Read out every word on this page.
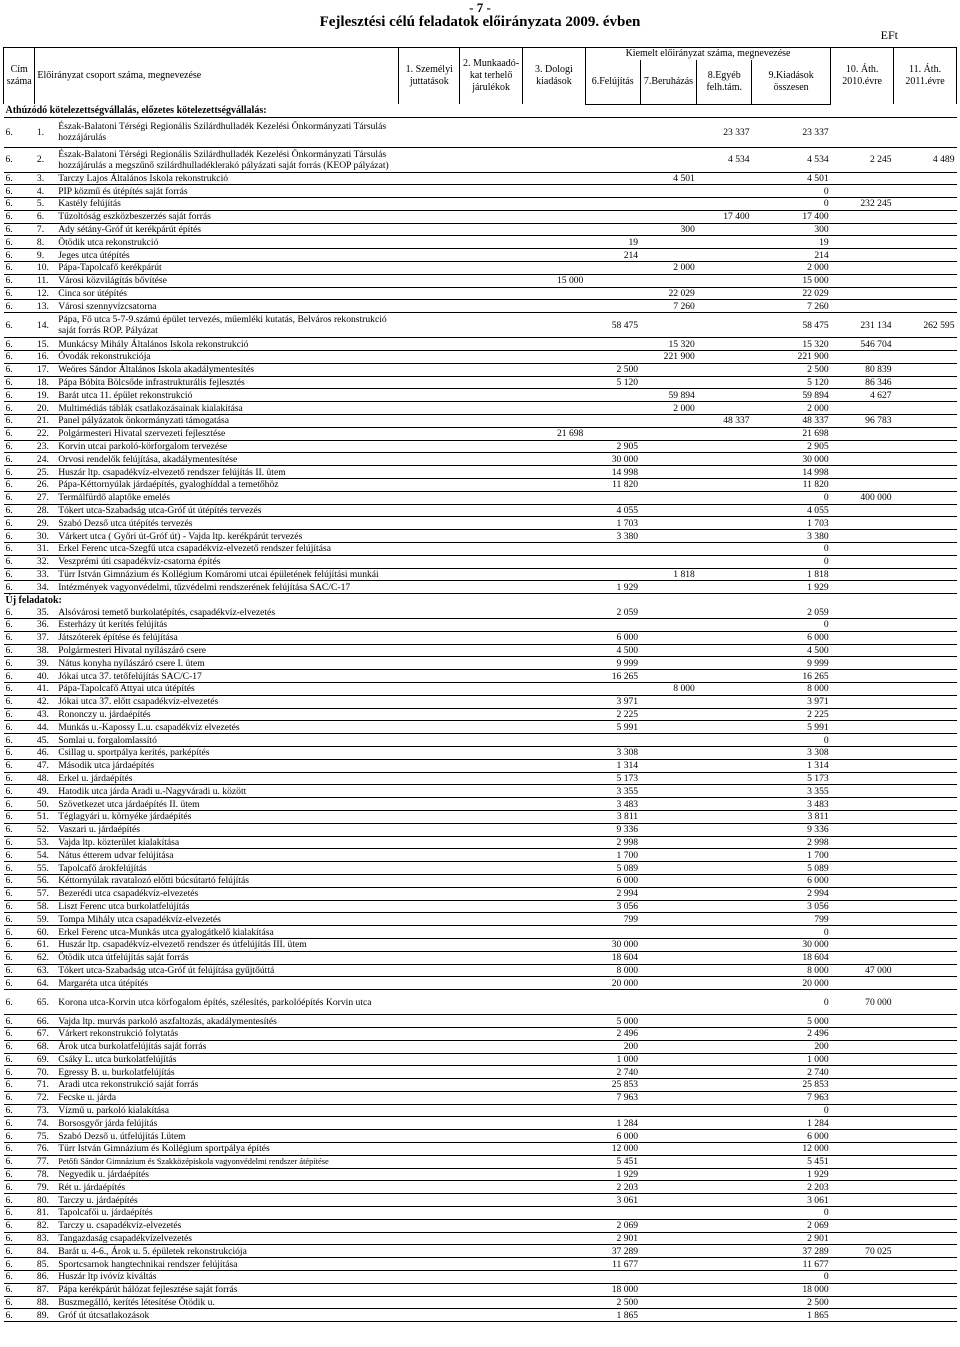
- 7 -
Fejlesztési célú feladatok előirányzata 2009. évben
EFt
Cím száma	Előirányzat csoport száma, megnevezése		1. Személyi juttatások	2. Munkaadó-kat terhelő járulékok	3. Dologi kiadások	Kiemelt előirányzat száma, megnevezése				10. Áth. 2010.évre	11. Áth. 2011.évre
						6.Felújítás	7.Beruházás	8.Egyéb felh.tám.	9.Kiadások összesen		
Áthúzódó kötelezettségvállalás, előzetes kötelezettségvállalás:											
6.	1.	Észak-Balatoni Térségi Regionális Szilárdhulladék Kezelési Önkormányzati Társulás hozzájárulás						23 337	23 337		
6.	2.	Észak-Balatoni Térségi Regionális Szilárdhulladék Kezelési Önkormányzati Társulás hozzájárulás a megszűnő szilárdhulladéklerakó pályázati saját forrás (KEOP pályázat)						4 534	4 534	2 245	4 489
6.	3.	Tarczy Lajos Általános Iskola rekonstrukció					4 501		4 501		
6.	4.	PIP közmű és útépítés saját forrás							0		
6.	5.	Kastély felújítás							0	232 245	
6.	6.	Tűzoltóság eszközbeszerzés saját forrás						17 400	17 400		
6.	7.	Ady sétány-Gróf út kerékpárút építés					300		300		
6.	8.	Ötödik utca rekonstrukció				19			19		
6.	9.	Jeges utca útépítés				214			214		
6.	10.	Pápa-Tapolcafő kerékpárút					2 000		2 000		
6.	11.	Városi közvilágítás bővítése			15 000				15 000		
6.	12.	Cinca sor útépítés					22 029		22 029		
6.	13.	Városi szennyvízcsatorna					7 260		7 260		
6.	14.	Pápa, Fő utca 5-7-9.számú épület tervezés, műemléki kutatás, Belváros rekonstrukció saját forrás ROP. Pályázat				58 475			58 475	231 134	262 595
6.	15.	Munkácsy Mihály Általános Iskola rekonstrukció					15 320		15 320	546 704	
6.	16.	Óvodák rekonstrukciója					221 900		221 900		
6.	17.	Weöres Sándor Általános Iskola akadálymentesítés				2 500			2 500	80 839	
6.	18.	Pápa Bóbita Bölcsőde infrastrukturális fejlesztés				5 120			5 120	86 346	
6.	19.	Barát utca 11. épület rekonstrukció					59 894		59 894	4 627	
6.	20.	Multimédiás táblák csatlakozásainak kialakítása					2 000		2 000		
6.	21.	Panel pályázatok önkormányzati támogatása						48 337	48 337	96 783	
6.	22.	Polgármesteri Hivatal szervezeti fejlesztése			21 698				21 698		
6.	23.	Korvin utcai parkoló-körforgalom tervezése				2 905			2 905		
6.	24.	Orvosi rendelők felújítása, akadálymentesítése				30 000			30 000		
6.	25.	Huszár ltp. csapadékvíz-elvezető rendszer felújítás II. ütem				14 998			14 998		
6.	26.	Pápa-Kéttornyúlak járdaépítés, gyaloghíddal a temetőhöz				11 820			11 820		
6.	27.	Termálfürdő alaptőke emelés							0	400 000	
6.	28.	Tókert utca-Szabadság utca-Gróf út útépítés tervezés				4 055			4 055		
6.	29.	Szabó Dezső utca útépítés tervezés				1 703			1 703		
6.	30.	Várkert utca ( Győri út-Gróf út) - Vajda ltp. kerékpárút tervezés				3 380			3 380		
6.	31.	Erkel Ferenc utca-Szegfű utca csapadékvíz-elvezető rendszer felújítása							0		
6.	32.	Veszprémi úti csapadékvíz-csatorna építés							0		
6.	33.	Türr István Gimnázium és Kollégium Komáromi utcai épületének felújítási munkái					1 818		1 818		
6.	34.	Intézmények vagyonvédelmi, tűzvédelmi rendszerének felújítása SAC/C-17				1 929			1 929		
Új feladatok:											
6.	35.	Alsóvárosi temető burkolatépítés, csapadékvíz-elvezetés				2 059			2 059		
6.	36.	Esterházy út kerítés felújítás							0		
6.	37.	Játszóterek építése és felújítása				6 000			6 000		
6.	38.	Polgármesteri Hivatal nyílászáró csere				4 500			4 500		
6.	39.	Nátus konyha nyílászáró csere I. ütem				9 999			9 999		
6.	40.	Jókai utca 37. tetőfelújítás SAC/C-17				16 265			16 265		
6.	41.	Pápa-Tapolcafő Attyai utca útépítés					8 000		8 000		
6.	42.	Jókai utca 37. előtt csapadékvíz-elvezetés				3 971			3 971		
6.	43.	Rononczy u. járdaépítés				2 225			2 225		
6.	44.	Munkás u.-Kapossy L.u. csapadékvíz elvezetés				5 991			5 991		
6.	45.	Somlai u. forgalomlassító							0		
6.	46.	Csillag u. sportpálya kerítés, parképítés				3 308			3 308		
6.	47.	Második utca járdaépítés				1 314			1 314		
6.	48.	Erkel u. járdaépítés				5 173			5 173		
6.	49.	Hatodik utca járda Aradi u.-Nagyváradi u. között				3 355			3 355		
6.	50.	Szövetkezet utca járdaépítés II. ütem				3 483			3 483		
6.	51.	Téglagyári u. környéke járdaépítés				3 811			3 811		
6.	52.	Vaszari u. járdaépítés				9 336			9 336		
6.	53.	Vajda ltp. közterület kialakítása				2 998			2 998		
6.	54.	Nátus étterem udvar felújítása				1 700			1 700		
6.	55.	Tapolcafő árokfelújítás				5 089			5 089		
6.	56.	Kéttornyúlak ravatalozó előtti búcsútartó felújítás				6 000			6 000		
6.	57.	Bezerédi utca csapadékvíz-elvezetés				2 994			2 994		
6.	58.	Liszt Ferenc utca burkolatfelújítás				3 056			3 056		
6.	59.	Tompa Mihály utca csapadékvíz-elvezetés				799			799		
6.	60.	Erkel Ferenc utca-Munkás utca gyalogátkelő kialakítása							0		
6.	61.	Huszár ltp. csapadékvíz-elvezető rendszer és útfelújítás III. ütem				30 000			30 000		
6.	62.	Ötödik utca útfelújítás saját forrás				18 604			18 604		
6.	63.	Tókert utca-Szabadság utca-Gróf út felújítása gyűjtőúttá				8 000			8 000	47 000	
6.	64.	Margaréta utca útépítés				20 000			20 000		
6.	65.	Korona utca-Korvin utca körfogalom építés, szélesítés, parkolóépítés Korvin utca							0	70 000	
6.	66.	Vajda ltp. murvás parkoló aszfaltozás, akadálymentesítés				5 000			5 000		
6.	67.	Várkert rekonstrukció folytatás				2 496			2 496		
6.	68.	Árok utca burkolatfelújítás saját forrás				200			200		
6.	69.	Csáky L. utca burkolatfelújítás				1 000			1 000		
6.	70.	Egressy B. u. burkolatfelújítás				2 740			2 740		
6.	71.	Aradi utca rekonstrukció saját forrás				25 853			25 853		
6.	72.	Fecske u. járda				7 963			7 963		
6.	73.	Vízmű u. parkoló kialakítása							0		
6.	74.	Borsosgyőr járda felújítás				1 284			1 284		
6.	75.	Szabó Dezső u. útfelújítás I.ütem				6 000			6 000		
6.	76.	Türr István Gimnázium és Kollégium sportpálya építés				12 000			12 000		
6.	77.	Petőfi Sándor Gimnázium és Szakközépiskola vagyonvédelmi rendszer átépítése				5 451			5 451		
6.	78.	Negyedik u. járdaépítés				1 929			1 929		
6.	79.	Rét u. járdaépítés				2 203			2 203		
6.	80.	Tarczy u. járdaépítés				3 061			3 061		
6.	81.	Tapolcafői u. járdaépítés							0		
6.	82.	Tarczy u. csapadékvíz-elvezetés				2 069			2 069		
6.	83.	Tangazdaság csapadékvízelvezetés				2 901			2 901		
6.	84.	Barát u. 4-6., Árok u. 5. épületek rekonstrukciója				37 289			37 289	70 025	
6.	85.	Sportcsarnok hangtechnikai rendszer felújítása				11 677			11 677		
6.	86.	Huszár ltp ivóvíz kiváltás							0		
6.	87.	Pápa kerékpárút hálózat fejlesztése saját forrás				18 000			18 000		
6.	88.	Buszmegálló, kerítés létesítése Ötödik u.				2 500			2 500		
6.	89.	Gróf út útcsatlakozások				1 865			1 865		
